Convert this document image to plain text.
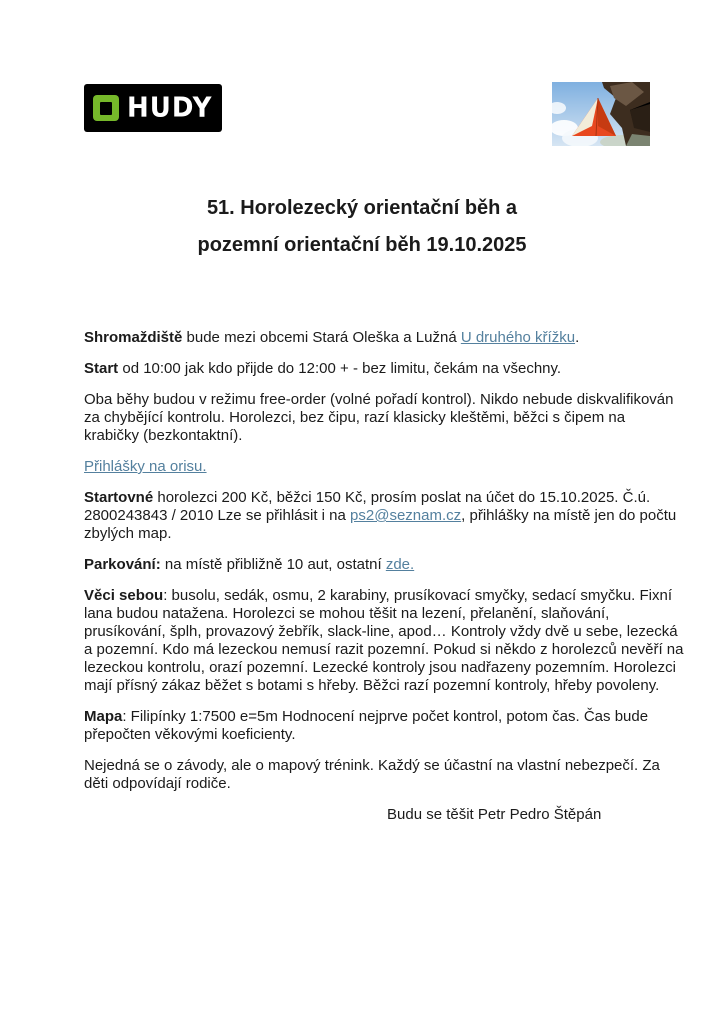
HUDY
51. Horolezecký orientační běh a
pozemní orientační běh 19.10.2025

Shromaždiště bude mezi obcemi Stará Oleška a Lužná U druhého křížku.

Start od 10:00 jak kdo přijde do 12:00 + - bez limitu, čekám na všechny.

Oba běhy budou v režimu free-order (volné pořadí kontrol). Nikdo nebude diskvalifikován za chybějící kontrolu. Horolezci, bez čipu, razí klasicky kleštěmi, běžci s čipem na krabičky (bezkontaktní).

Přihlášky na orisu.

Startovné horolezci 200 Kč, běžci 150 Kč, prosím poslat na účet do 15.10.2025. Č.ú. 2800243843 / 2010 Lze se přihlásit i na ps2@seznam.cz, přihlášky na místě jen do počtu zbylých map.

Parkování: na místě přibližně 10 aut, ostatní zde.

Věci sebou: busolu, sedák, osmu, 2 karabiny, prusíkovací smyčky, sedací smyčku. Fixní lana budou natažena. Horolezci se mohou těšit na lezení, přelanění, slaňování, prusíkování, šplh, provazový žebřík, slack-line, apod… Kontroly vždy dvě u sebe, lezecká a pozemní. Kdo má lezeckou nemusí razit pozemní. Pokud si někdo z horolezců nevěří na lezeckou kontrolu, orazí pozemní. Lezecké kontroly jsou nadřazeny pozemním. Horolezci mají přísný zákaz běžet s botami s hřeby. Běžci razí pozemní kontroly, hřeby povoleny.

Mapa: Filipínky 1:7500 e=5m Hodnocení nejprve počet kontrol, potom čas. Čas bude přepočten věkovými koeficienty.

Nejedná se o závody, ale o mapový trénink. Každý se účastní na vlastní nebezpečí. Za děti odpovídají rodiče.

Budu se těšit Petr Pedro Štěpán
